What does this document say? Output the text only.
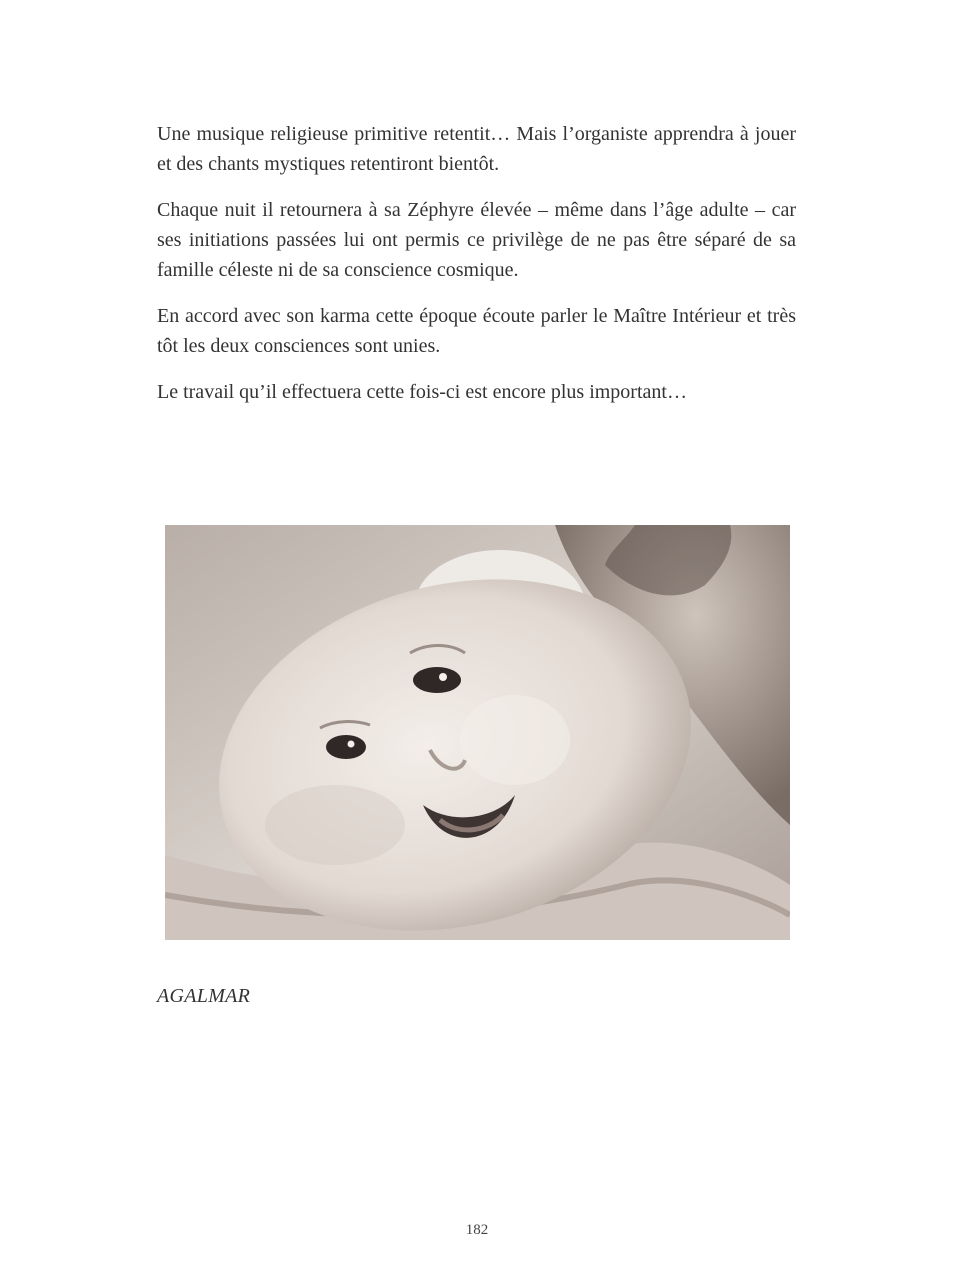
Une musique religieuse primitive retentit… Mais l’organiste apprendra à jouer et des chants mystiques retentiront bientôt.

Chaque nuit il retournera à sa Zéphyre élevée – même dans l’âge adulte – car ses initiations passées lui ont permis ce privilège de ne pas être séparé de sa famille céleste ni de sa conscience cosmique.

En accord avec son karma cette époque écoute parler le Maître Intérieur et très tôt les deux consciences sont unies.

Le travail qu’il effectuera cette fois-ci est encore plus important…

AGALMAR
182
